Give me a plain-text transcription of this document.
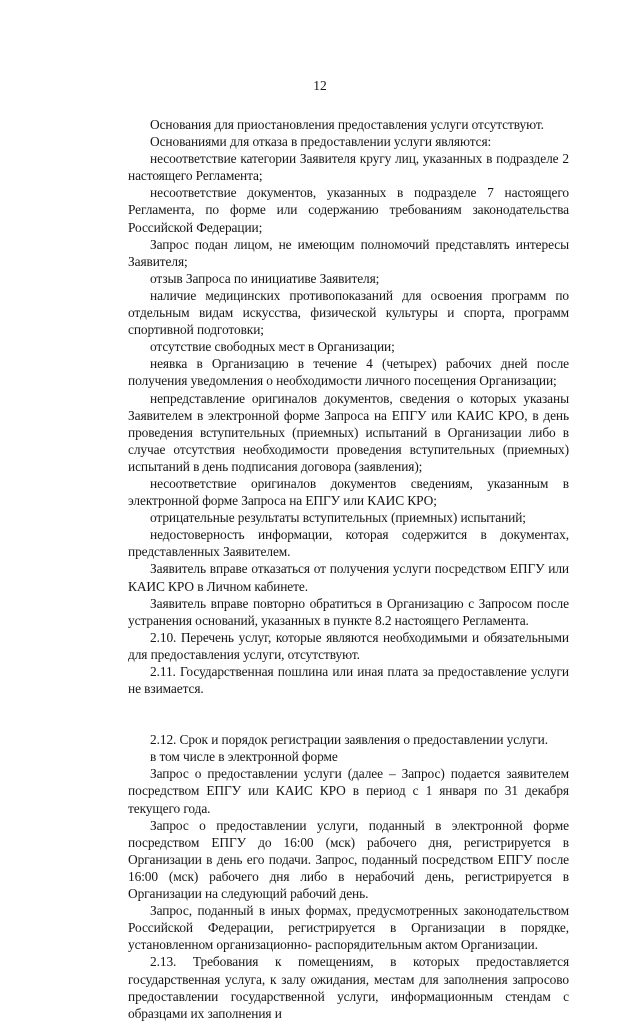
12

Основания для приостановления предоставления услуги отсутствуют.

Основаниями для отказа в предоставлении услуги являются:

несоответствие категории Заявителя кругу лиц, указанных в подразделе 2 настоящего Регламента;

несоответствие документов, указанных в подразделе 7 настоящего Регламента, по форме или содержанию требованиям законодательства Российской Федерации;

Запрос подан лицом, не имеющим полномочий представлять интересы Заявителя;

отзыв Запроса по инициативе Заявителя;

наличие медицинских противопоказаний для освоения программ по отдельным видам искусства, физической культуры и спорта, программ спортивной подготовки;

отсутствие свободных мест в Организации;

неявка в Организацию в течение 4 (четырех) рабочих дней после получения уведомления о необходимости личного посещения Организации;

непредставление оригиналов документов, сведения о которых указаны Заявителем в электронной форме Запроса на ЕПГУ или КАИС КРО, в день проведения вступительных (приемных) испытаний в Организации либо в случае отсутствия необходимости проведения вступительных (приемных) испытаний в день подписания договора (заявления);

несоответствие оригиналов документов сведениям, указанным в электронной форме Запроса на ЕПГУ или КАИС КРО;

отрицательные результаты вступительных (приемных) испытаний;

недостоверность информации, которая содержится в документах, представленных Заявителем.

Заявитель вправе отказаться от получения услуги посредством ЕПГУ или КАИС КРО в Личном кабинете.

Заявитель вправе повторно обратиться в Организацию с Запросом после устранения оснований, указанных в пункте 8.2 настоящего Регламента.

2.10. Перечень услуг, которые являются необходимыми и обязательными для предоставления услуги, отсутствуют.

2.11. Государственная пошлина или иная плата за предоставление услуги не взимается.

2.12. Срок и порядок регистрации заявления о предоставлении услуги.

в том числе в электронной форме

Запрос о предоставлении услуги (далее – Запрос) подается заявителем посредством ЕПГУ или КАИС КРО в период с 1 января по 31 декабря текущего года.

Запрос о предоставлении услуги, поданный в электронной форме посредством ЕПГУ до 16:00 (мск) рабочего дня, регистрируется в Организации в день его подачи. Запрос, поданный посредством ЕПГУ после 16:00 (мск) рабочего дня либо в нерабочий день, регистрируется в Организации на следующий рабочий день.

Запрос, поданный в иных формах, предусмотренных законодательством Российской Федерации, регистрируется в Организации в порядке, установленном организационно- распорядительным актом Организации.

2.13. Требования к помещениям, в которых предоставляется государственная услуга, к залу ожидания, местам для заполнения запросово предоставлении государственной услуги, информационным стендам с образцами их заполнения и
